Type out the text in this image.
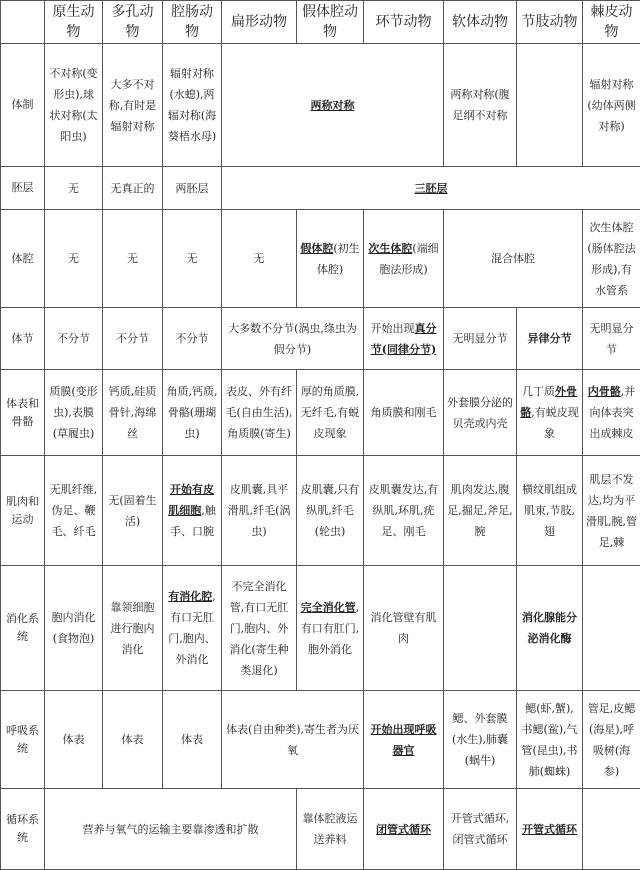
	原生动物	多孔动物	腔肠动物	扁形动物	假体腔动物	环节动物	软体动物	节肢动物	棘皮动物
体制	不对称(变形虫),球状对称(太阳虫)	大多不对称,有时是辐射对称	辐射对称(水螅),两辐对称(海葵梧水母)	两称对称			两称对称(腹足纲不对称		辐射对称(幼体两侧对称)
胚层	无	无真正的	两胚层	三胚层					
体腔	无	无	无	无	假体腔(初生体腔)	次生体腔(端细胞法形成)	混合体腔		次生体腔(肠体腔法形成),有水管系
体节	不分节	不分节	不分节	大多数不分节(涡虫,绦虫为假分节)		开始出现真分节(同律分节)	无明显分节	异律分节	无明显分节
体表和骨骼	质膜(变形虫),表膜(草履虫)	钙质,硅质骨针,海绵丝	角质,钙质,骨骼(珊瑚虫)	表皮、外有纤毛(自由生活),角质膜(寄生)	厚的角质膜,无纤毛,有蜕皮现象	角质膜和刚毛	外套膜分泌的贝壳或内壳	几丁质外骨骼,有蜕皮现象	内骨骼,并向体表突出成棘皮
肌肉和运动	无肌纤维,伪足、鞭毛、纤毛	无(固着生活)	开始有皮肌细胞,触手、口腕	皮肌囊,具平滑肌,纤毛(涡虫)	皮肌囊,只有纵肌,纤毛(轮虫)	皮肌囊发达,有纵肌,环肌,疣足、刚毛	肌肉发达,腹足,掘足,斧足,腕	横纹肌组成肌束,节肢,翅	肌层不发达,均为平滑肌,腕,管足,棘
消化系统	胞内消化(食物泡)	靠领细胞进行胞内消化	有消化腔,有口无肛门,胞内、外消化	不完全消化管,有口无肛门,胞内、外消化(寄生种类退化)	完全消化管,有口有肛门,胞外消化	消化管壁有肌肉		消化腺能分泌消化酶	
呼吸系统	体表	体表	体表	体表(自由种类),寄生者为厌氧		开始出现呼吸器官	鳃、外套膜(水生),肺囊(蜗牛)	鳃(虾,蟹),书鳃(鲎),气管(昆虫),书肺(蜘蛛)	管足,皮鳃(海星),呼吸树(海参)
循环系统	营养与氧气的运输主要靠渗透和扩散				靠体腔液运送养料	闭管式循环	开管式循环,闭管式循环	开管式循环	
